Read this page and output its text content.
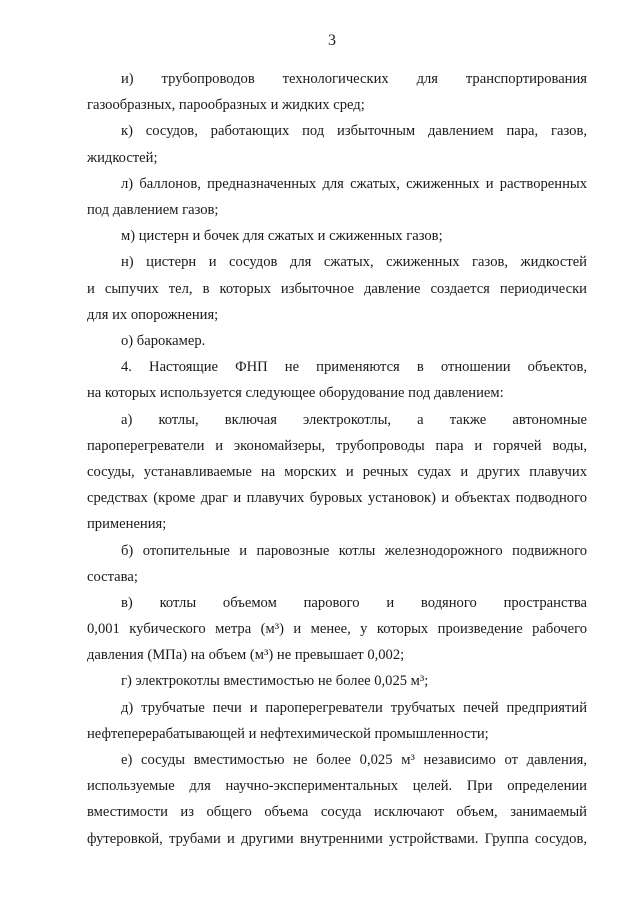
3
и) трубопроводов технологических для транспортирования
газообразных, парообразных и жидких сред;
к) сосудов, работающих под избыточным давлением пара, газов,
жидкостей;
л) баллонов, предназначенных для сжатых, сжиженных и растворенных
под давлением газов;
м) цистерн и бочек для сжатых и сжиженных газов;
н) цистерн и сосудов для сжатых, сжиженных газов, жидкостей
и сыпучих тел, в которых избыточное давление создается периодически
для их опорожнения;
о) барокамер.
4. Настоящие ФНП не применяются в отношении объектов,
на которых используется следующее оборудование под давлением:
а) котлы, включая электрокотлы, а также автономные
пароперегреватели и экономайзеры, трубопроводы пара и горячей воды,
сосуды, устанавливаемые на морских и речных судах и других плавучих
средствах (кроме драг и плавучих буровых установок) и объектах подводного
применения;
б) отопительные и паровозные котлы железнодорожного подвижного
состава;
в) котлы объемом парового и водяного пространства
0,001 кубического метра (м³) и менее, у которых произведение рабочего
давления (МПа) на объем (м³) не превышает 0,002;
г) электрокотлы вместимостью не более 0,025 м³;
д) трубчатые печи и пароперегреватели трубчатых печей предприятий
нефтеперерабатывающей и нефтехимической промышленности;
е) сосуды вместимостью не более 0,025 м³ независимо от давления,
используемые для научно-экспериментальных целей. При определении
вместимости из общего объема сосуда исключают объем, занимаемый
футеровкой, трубами и другими внутренними устройствами. Группа сосудов,
